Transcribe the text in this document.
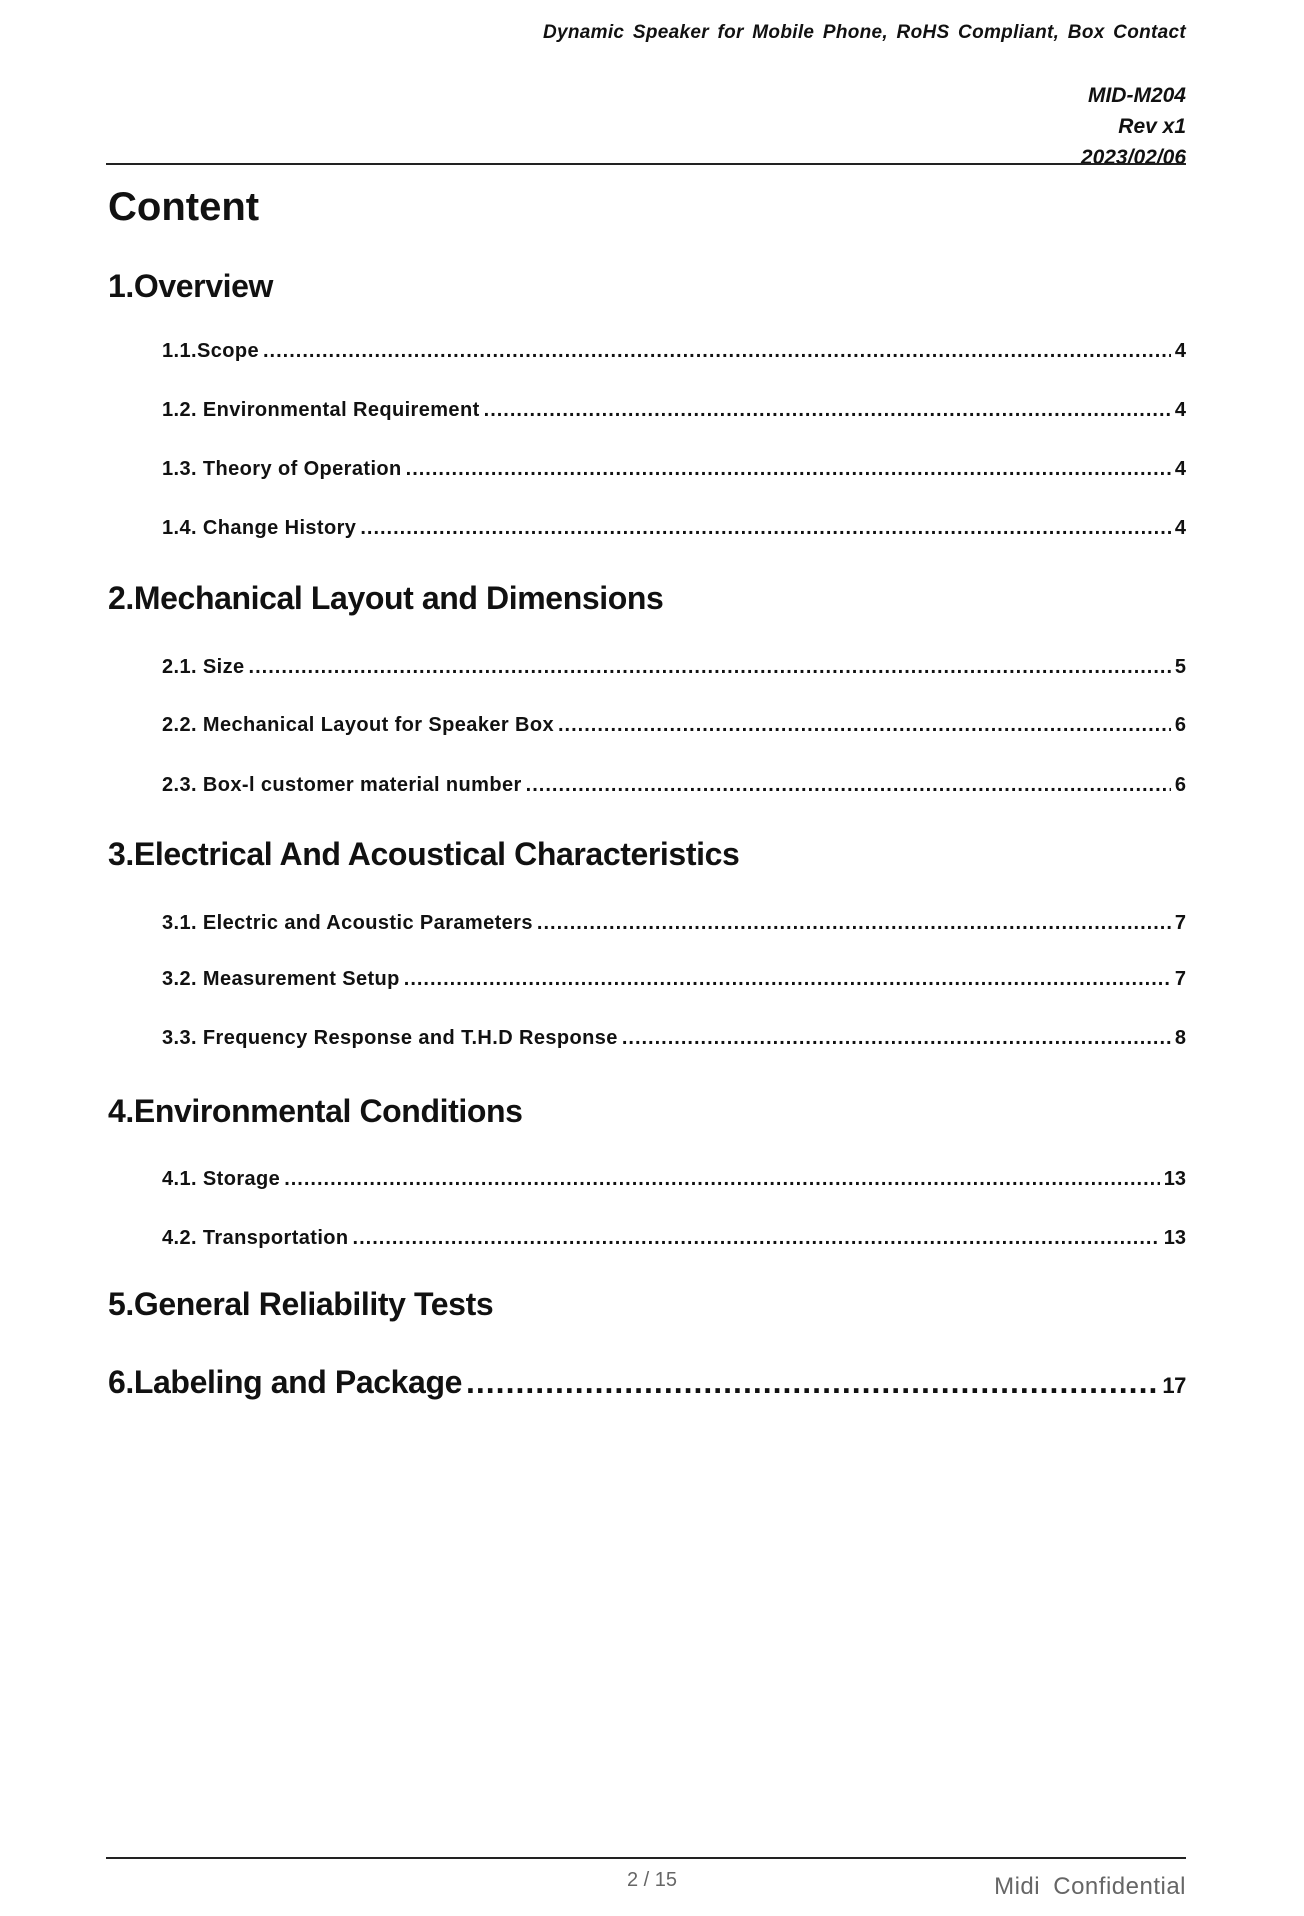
Dynamic Speaker for Mobile Phone, RoHS Compliant, Box Contact
MID-M204
Rev x1
2023/02/06
Content
1.Overview
1.1.Scope .....	4
1.2. Environmental Requirement .....	4
1.3. Theory of Operation .....	4
1.4. Change History .....	4
2.Mechanical Layout and Dimensions
2.1. Size .....	5
2.2. Mechanical Layout for Speaker Box .....	6
2.3. Box-l customer material number .....	6
3.Electrical And Acoustical Characteristics
3.1. Electric and Acoustic Parameters .....	7
3.2. Measurement Setup .....	7
3.3. Frequency Response and T.H.D Response .....	8
4.Environmental Conditions
4.1. Storage .....	13
4.2. Transportation .....	13
5.General Reliability Tests
6.Labeling and Package .....	17
2 / 15	Midi Confidential
